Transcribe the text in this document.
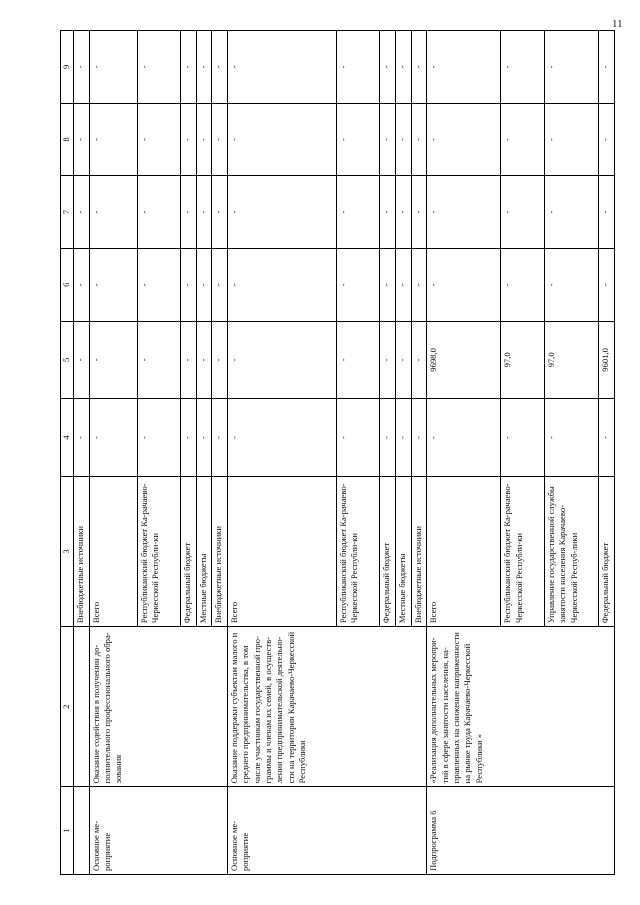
11
1	2	3	4	5	6	7	8	9
		Внебюджетные источники	-	-	-	-	-	-
Основное ме-роприятие	Оказание содействия в получении до-полнительного профессионального обра-зования	Всего	-	-	-	-	-	-
		Республиканский бюджет Ка-рачаево-Черкесской Республи-ки	-	-	-	-	-	-
		Федеральный бюджет	-	-	-	-	-	-
		Местные бюджеты	-	-	-	-	-	-
		Внебюджетные источники	-	-	-	-	-	-
Основное ме-роприятие	Оказание поддержки субъектам малого и среднего предпринимательства, в том числе участникам государственной про-граммы и членам их семей, в осуществ-лении предпринимательской деятельно-сти на территории Карачаево-Черкесской Республики	Всего	-	-	-	-	-	-
		Республиканский бюджет Ка-рачаево-Черкесской Республи-ки	-	-	-	-	-	-
		Федеральный бюджет	-	-	-	-	-	-
		Местные бюджеты	-	-	-	-	-	-
		Внебюджетные источники	-	-	-	-	-	-
Подпрограмма 6	«Реализация дополнительных меропри-тий в сфере занятости населения, на-правленных на снижение напряженности на рынке труда Карачаево-Черкесской Республики »	Всего	-	9698,0	-	-	-	-
		Республиканский бюджет Ка-рачаево-Черкесской Республи-ки	-	97,0	-	-	-	-
		Управление государственной службы занятости населения Карачаево-Черкесской Респуб-лики	-	97,0	-	-	-	-
		Федеральный бюджет	-	9601,0	-	-	-	-
